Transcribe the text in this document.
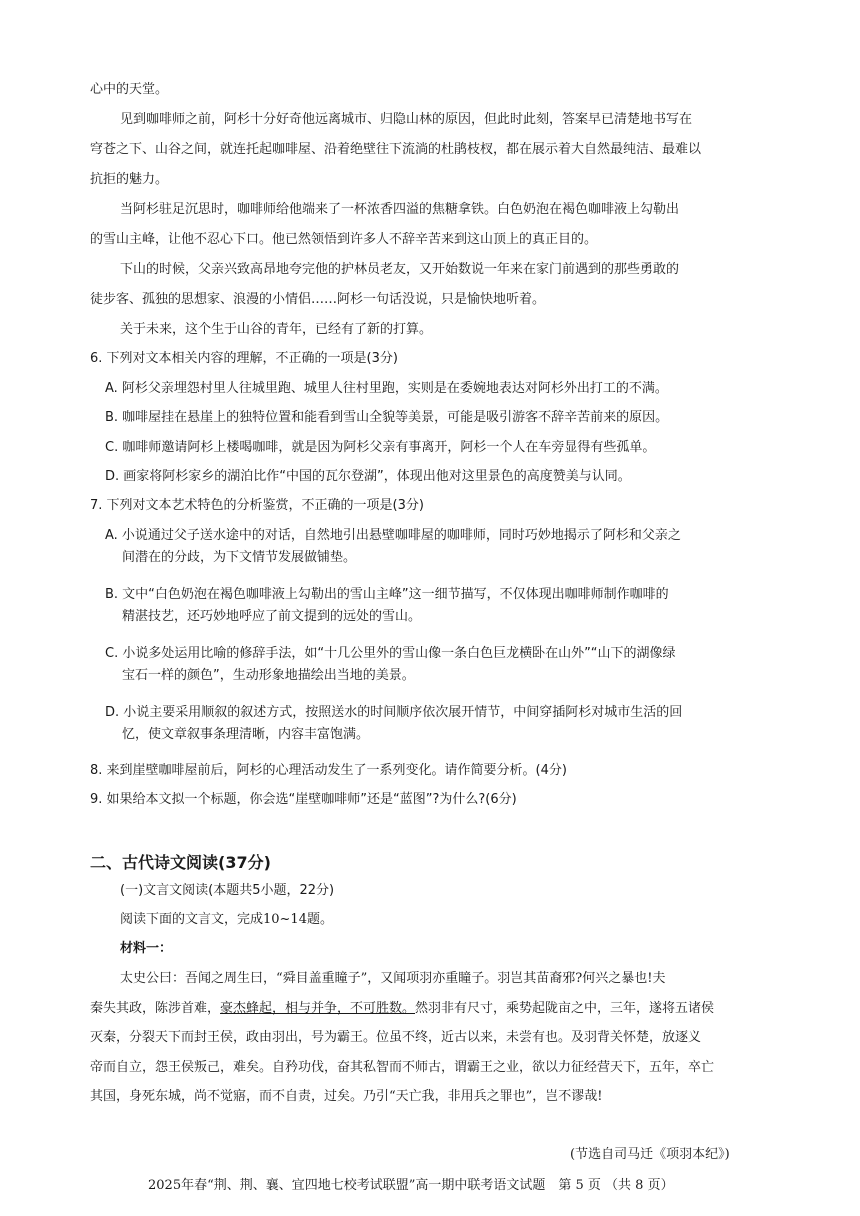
心中的天堂。
见到咖啡师之前，阿杉十分好奇他远离城市、归隐山林的原因，但此时此刻，答案早已清楚地书写在
穹苍之下、山谷之间，就连托起咖啡屋、沿着绝壁往下流淌的杜鹃枝杈，都在展示着大自然最纯洁、最难以
抗拒的魅力。
当阿杉驻足沉思时，咖啡师给他端来了一杯浓香四溢的焦糖拿铁。白色奶泡在褐色咖啡液上勾勒出
的雪山主峰，让他不忍心下口。他已然领悟到许多人不辞辛苦来到这山顶上的真正目的。
下山的时候，父亲兴致高昂地夸完他的护林员老友，又开始数说一年来在家门前遇到的那些勇敢的
徒步客、孤独的思想家、浪漫的小情侣……阿杉一句话没说，只是愉快地听着。
关于未来，这个生于山谷的青年，已经有了新的打算。
6. 下列对文本相关内容的理解，不正确的一项是(3分)
A. 阿杉父亲埋怨村里人往城里跑、城里人往村里跑，实则是在委婉地表达对阿杉外出打工的不满。
B. 咖啡屋挂在悬崖上的独特位置和能看到雪山全貌等美景，可能是吸引游客不辞辛苦前来的原因。
C. 咖啡师邀请阿杉上楼喝咖啡，就是因为阿杉父亲有事离开，阿杉一个人在车旁显得有些孤单。
D. 画家将阿杉家乡的湖泊比作“中国的瓦尔登湖”，体现出他对这里景色的高度赞美与认同。
7. 下列对文本艺术特色的分析鉴赏，不正确的一项是(3分)
A. 小说通过父子送水途中的对话，自然地引出悬壁咖啡屋的咖啡师，同时巧妙地揭示了阿杉和父亲之
间潜在的分歧，为下文情节发展做铺垫。
B. 文中“白色奶泡在褐色咖啡液上勾勒出的雪山主峰”这一细节描写，不仅体现出咖啡师制作咖啡的
精湛技艺，还巧妙地呼应了前文提到的远处的雪山。
C. 小说多处运用比喻的修辞手法，如“十几公里外的雪山像一条白色巨龙横卧在山外”“山下的湖像绿
宝石一样的颜色”，生动形象地描绘出当地的美景。
D. 小说主要采用顺叙的叙述方式，按照送水的时间顺序依次展开情节，中间穿插阿杉对城市生活的回
忆，使文章叙事条理清晰，内容丰富饱满。
8. 来到崖壁咖啡屋前后，阿杉的心理活动发生了一系列变化。请作简要分析。(4分)
9. 如果给本文拟一个标题，你会选“崖壁咖啡师”还是“蓝图”?为什么?(6分)
二、古代诗文阅读(37分)
(一)文言文阅读(本题共5小题，22分)
阅读下面的文言文，完成10~14题。
材料一：
太史公曰：吾闻之周生曰，“舜目盖重瞳子”，又闻项羽亦重瞳子。羽岂其苗裔邪?何兴之暴也!夫
秦失其政，陈涉首难，豪杰蜂起，相与并争，不可胜数。然羽非有尺寸，乘势起陇亩之中，三年，遂将五诸侯
灭秦，分裂天下而封王侯，政由羽出，号为霸王。位虽不终，近古以来，未尝有也。及羽背关怀楚，放逐义
帝而自立，怨王侯叛己，难矣。自矜功伐，奋其私智而不师古，谓霸王之业，欲以力征经营天下，五年，卒亡
其国，身死东城，尚不觉寤，而不自责，过矣。乃引“天亡我，非用兵之罪也”，岂不谬哉!
(节选自司马迁《项羽本纪》)
2025年春“荆、荆、襄、宜四地七校考试联盟”高一期中联考语文试题　第 5 页 （共 8 页）
